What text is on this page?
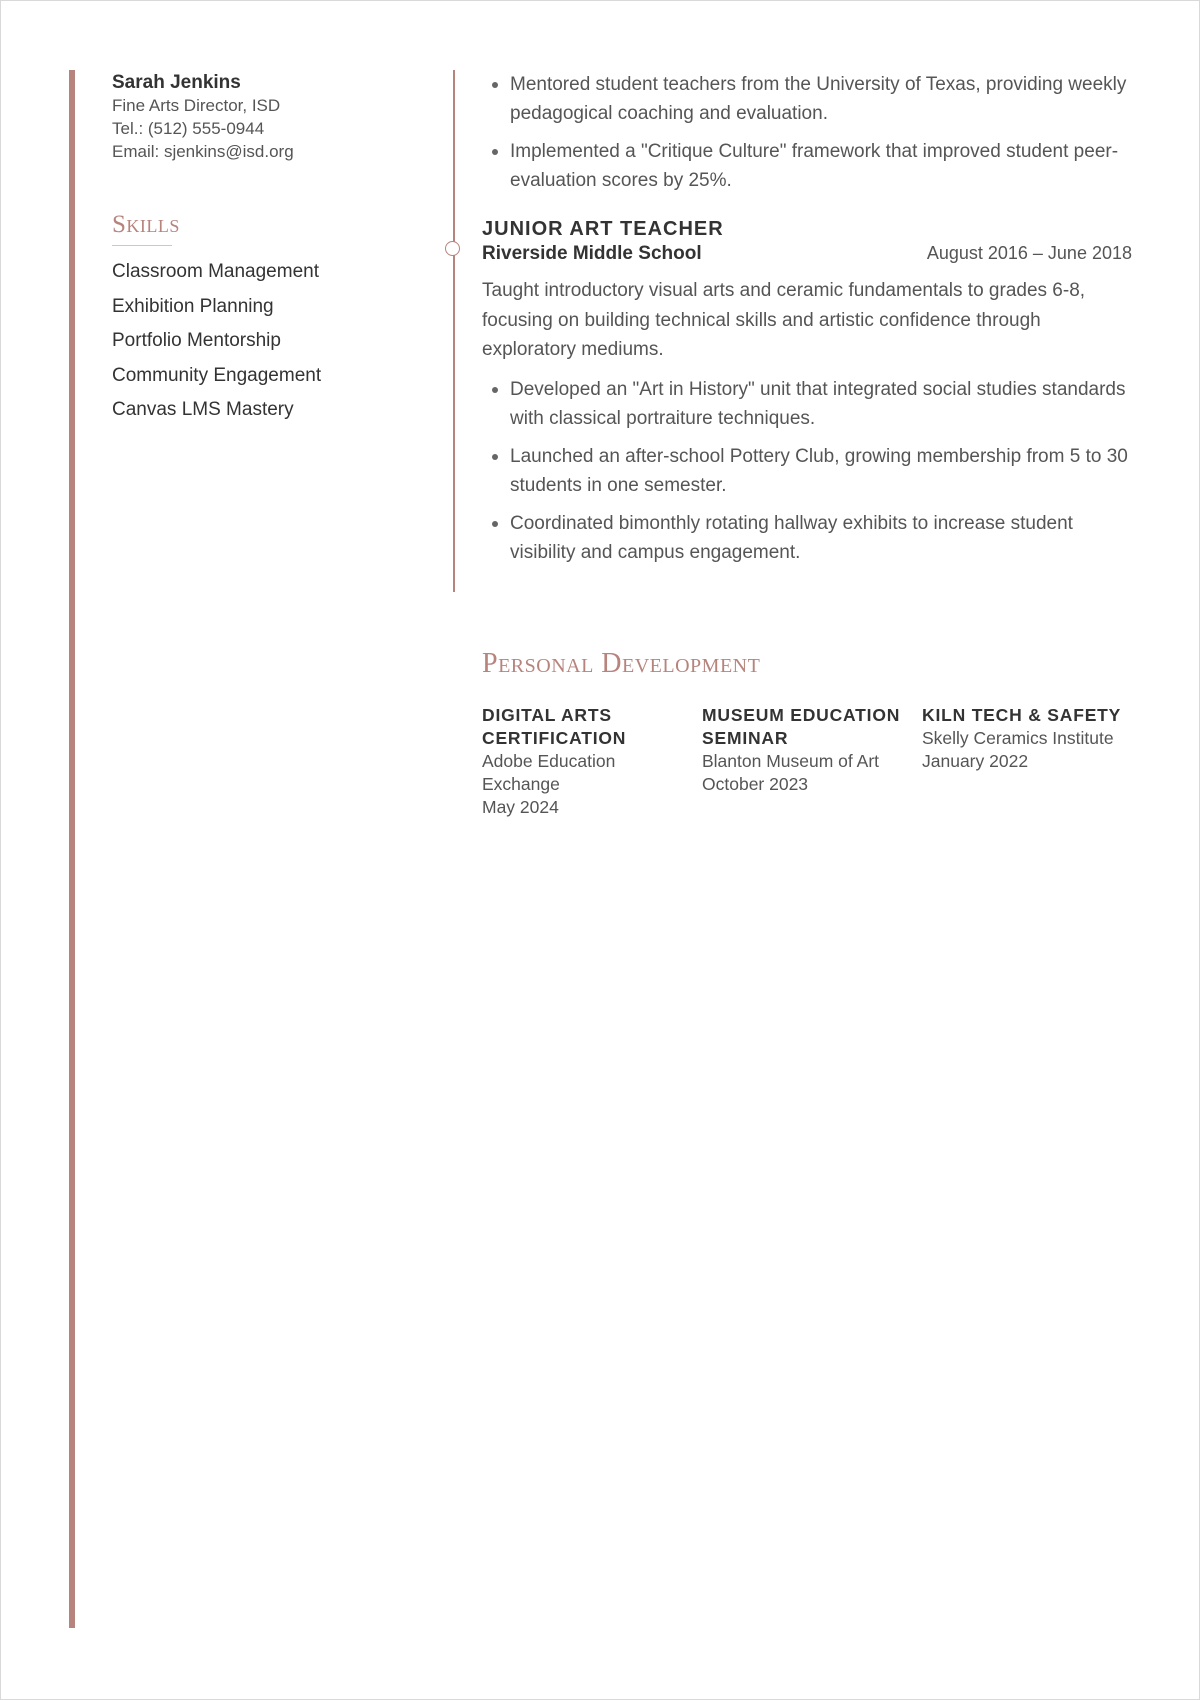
Sarah Jenkins
Fine Arts Director, ISD
Tel.: (512) 555-0944
Email: sjenkins@isd.org
Skills
Classroom Management
Exhibition Planning
Portfolio Mentorship
Community Engagement
Canvas LMS Mastery
Mentored student teachers from the University of Texas, providing weekly pedagogical coaching and evaluation.
Implemented a "Critique Culture" framework that improved student peer-evaluation scores by 25%.
JUNIOR ART TEACHER
Riverside Middle School	August 2016 – June 2018
Taught introductory visual arts and ceramic fundamentals to grades 6-8, focusing on building technical skills and artistic confidence through exploratory mediums.
Developed an "Art in History" unit that integrated social studies standards with classical portraiture techniques.
Launched an after-school Pottery Club, growing membership from 5 to 30 students in one semester.
Coordinated bimonthly rotating hallway exhibits to increase student visibility and campus engagement.
Personal Development
DIGITAL ARTS CERTIFICATION
Adobe Education Exchange
May 2024
MUSEUM EDUCATION SEMINAR
Blanton Museum of Art
October 2023
KILN TECH & SAFETY
Skelly Ceramics Institute
January 2022
